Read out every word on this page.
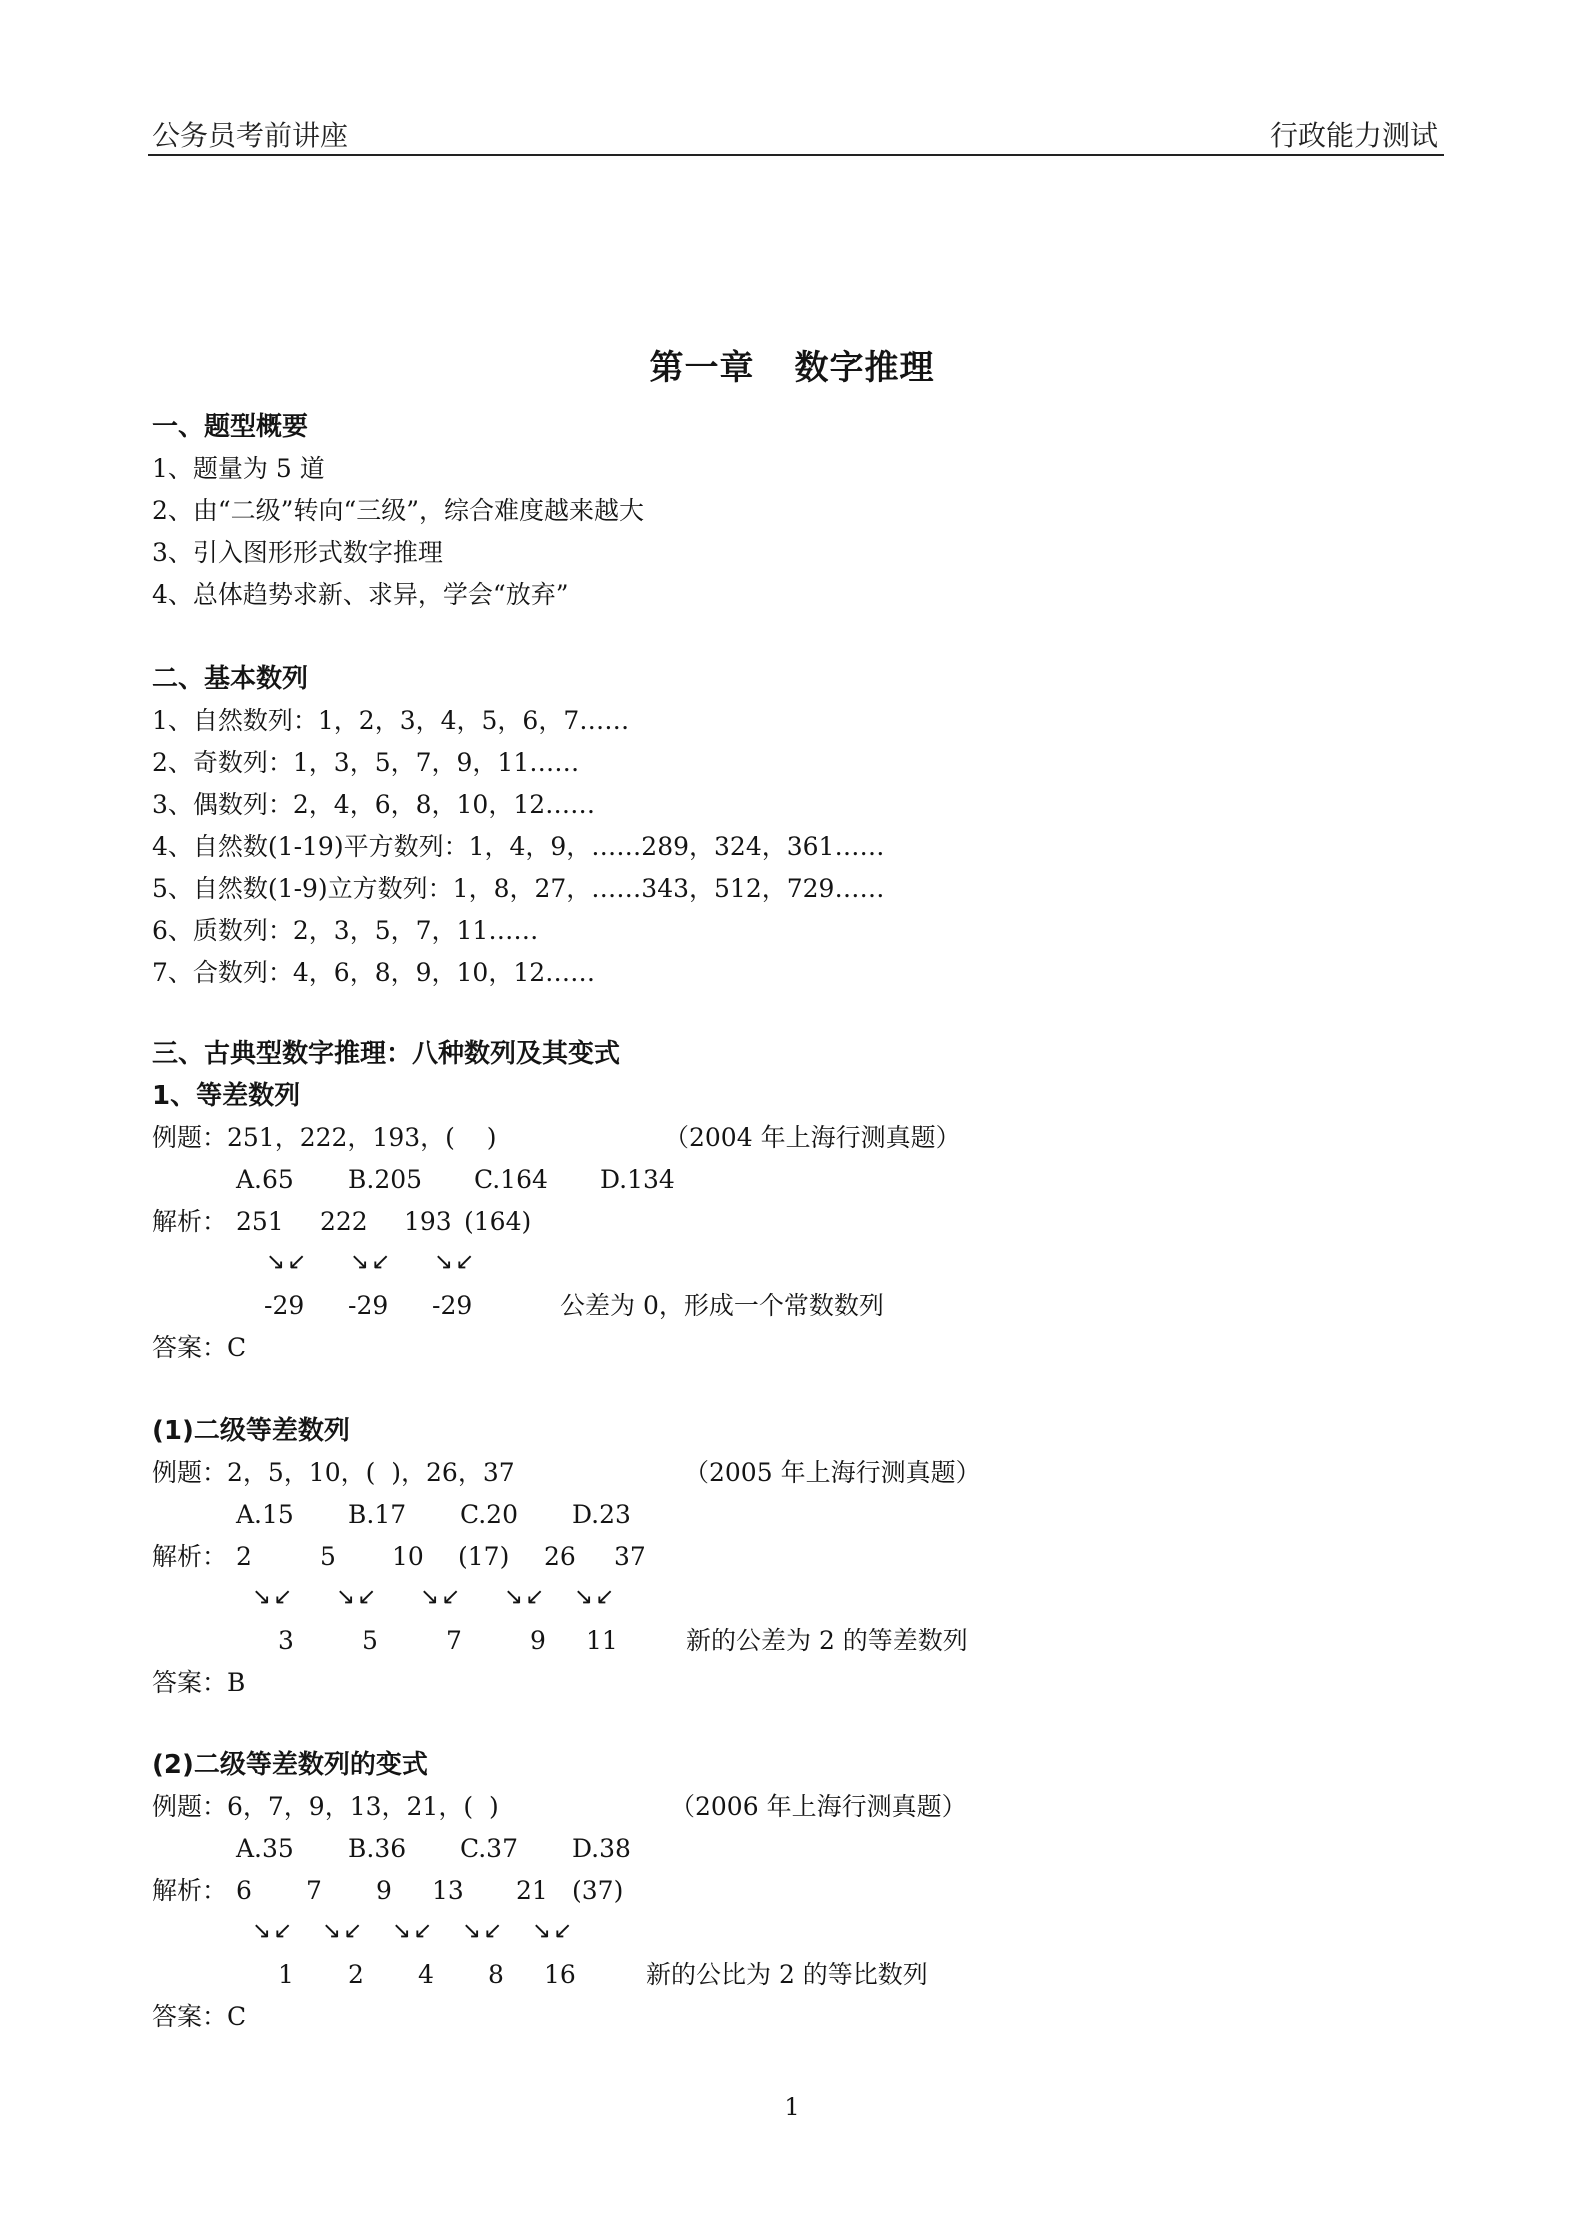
公务员考前讲座	行政能力测试
第一章 数字推理
一、题型概要
1、题量为 5 道
2、由“二级”转向“三级”，综合难度越来越大
3、引入图形形式数字推理
4、总体趋势求新、求异，学会“放弃”
二、基本数列
1、自然数列：1，2，3，4，5，6，7……
2、奇数列：1，3，5，7，9，11……
3、偶数列：2，4，6，8，10，12……
4、自然数(1-19)平方数列：1，4，9，……289，324，361……
5、自然数(1-9)立方数列：1，8，27，……343，512，729……
6、质数列：2，3，5，7，11……
7、合数列：4，6，8，9，10，12……
三、古典型数字推理：八种数列及其变式
1、等差数列
例题：251，222，193，(    )	（2004 年上海行测真题）
A.65 B.205 C.164 D.134
解析： 251 222 193 (164)
↘↙ ↘↙ ↘↙
-29 -29 -29	公差为 0，形成一个常数数列
答案：C
(1)二级等差数列
例题：2，5，10，(  )，26，37	（2005 年上海行测真题）
A.15 B.17 C.20 D.23
解析： 2	5 10 (17) 26 37
↘↙ ↘↙ ↘↙ ↘↙ ↘↙
3	5	7	9 11	新的公差为 2 的等差数列
答案：B
(2)二级等差数列的变式
例题：6，7，9，13，21，(  )	（2006 年上海行测真题）
A.35 B.36 C.37 D.38
解析： 6 7 9 13 21 (37)
↘↙ ↘↙ ↘↙ ↘↙ ↘↙
1 2 4 8 16	新的公比为 2 的等比数列
答案：C
1
